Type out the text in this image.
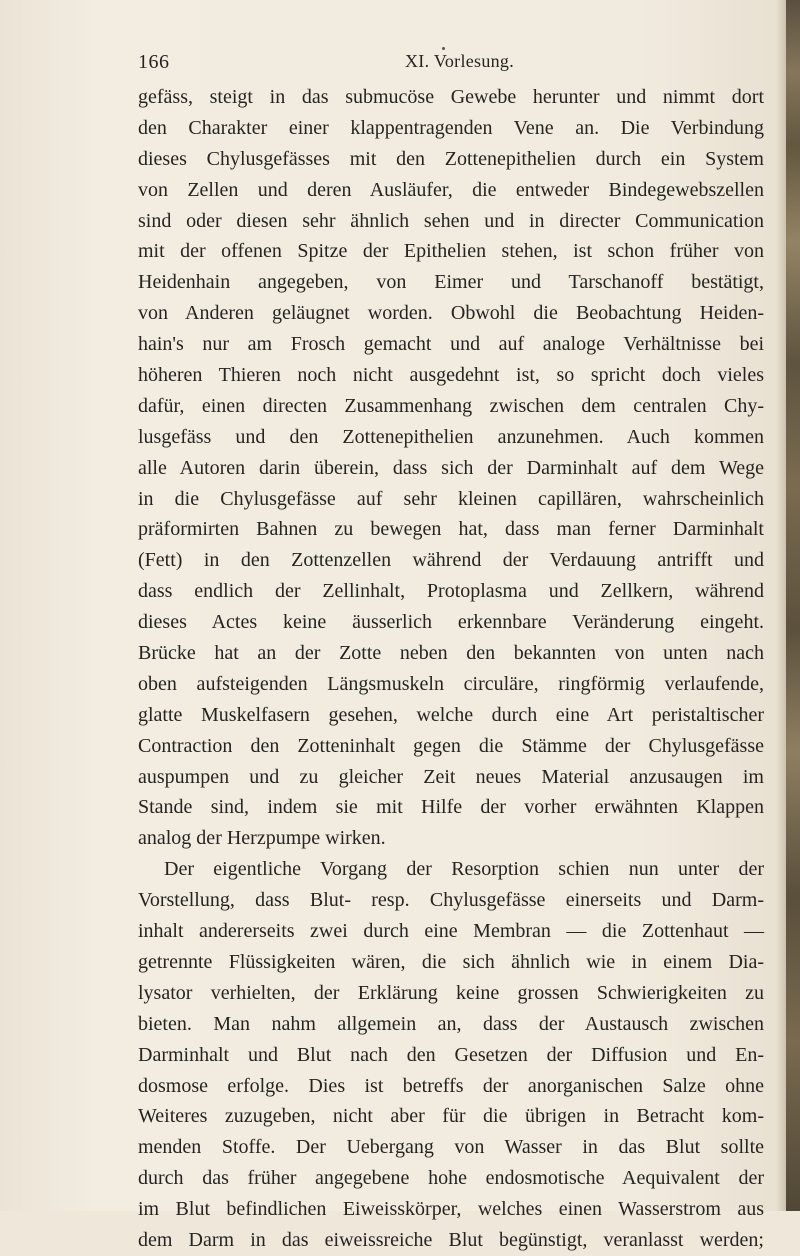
166	XI. Vorlesung.
gefäss, steigt in das submucöse Gewebe herunter und nimmt dort
den Charakter einer klappentragenden Vene an. Die Verbindung
dieses Chylusgefässes mit den Zottenepithelien durch ein System
von Zellen und deren Ausläufer, die entweder Bindegewebszellen
sind oder diesen sehr ähnlich sehen und in directer Communication
mit der offenen Spitze der Epithelien stehen, ist schon früher von
Heidenhain angegeben, von Eimer und Tarschanoff bestätigt,
von Anderen geläugnet worden. Obwohl die Beobachtung Heiden-
hain's nur am Frosch gemacht und auf analoge Verhältnisse bei
höheren Thieren noch nicht ausgedehnt ist, so spricht doch vieles
dafür, einen directen Zusammenhang zwischen dem centralen Chy-
lusgefäss und den Zottenepithelien anzunehmen. Auch kommen
alle Autoren darin überein, dass sich der Darminhalt auf dem Wege
in die Chylusgefässe auf sehr kleinen capillären, wahrscheinlich
präformirten Bahnen zu bewegen hat, dass man ferner Darminhalt
(Fett) in den Zottenzellen während der Verdauung antrifft und
dass endlich der Zellinhalt, Protoplasma und Zellkern, während
dieses Actes keine äusserlich erkennbare Veränderung eingeht.
Brücke hat an der Zotte neben den bekannten von unten nach
oben aufsteigenden Längsmuskeln circuläre, ringförmig verlaufende,
glatte Muskelfasern gesehen, welche durch eine Art peristaltischer
Contraction den Zotteninhalt gegen die Stämme der Chylusgefässe
auspumpen und zu gleicher Zeit neues Material anzusaugen im
Stande sind, indem sie mit Hilfe der vorher erwähnten Klappen
analog der Herzpumpe wirken.
Der eigentliche Vorgang der Resorption schien nun unter der
Vorstellung, dass Blut- resp. Chylusgefässe einerseits und Darm-
inhalt andererseits zwei durch eine Membran — die Zottenhaut —
getrennte Flüssigkeiten wären, die sich ähnlich wie in einem Dia-
lysator verhielten, der Erklärung keine grossen Schwierigkeiten zu
bieten. Man nahm allgemein an, dass der Austausch zwischen
Darminhalt und Blut nach den Gesetzen der Diffusion und En-
dosmose erfolge. Dies ist betreffs der anorganischen Salze ohne
Weiteres zuzugeben, nicht aber für die übrigen in Betracht kom-
menden Stoffe. Der Uebergang von Wasser in das Blut sollte
durch das früher angegebene hohe endosmotische Aequivalent der
im Blut befindlichen Eiweisskörper, welches einen Wasserstrom aus
dem Darm in das eiweissreiche Blut begünstigt, veranlasst werden;
